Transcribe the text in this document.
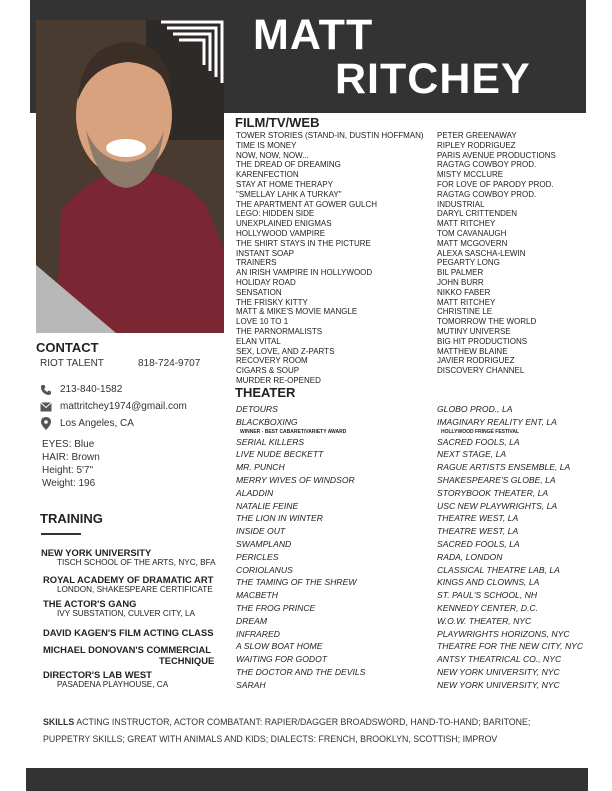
MATT
RITCHEY
FILM/TV/WEB
TOWER STORIES (STAND-IN, DUSTIN HOFFMAN)
TIME IS MONEY
NOW, NOW, NOW...
THE DREAD OF DREAMING
KARENFECTION
STAY AT HOME THERAPY
"SMELLAY LAHK A TURKAY"
THE APARTMENT AT GOWER GULCH
LEGO: HIDDEN SIDE
UNEXPLAINED ENIGMAS
HOLLYWOOD VAMPIRE
THE SHIRT STAYS IN THE PICTURE
INSTANT SOAP
TRAINERS
AN IRISH VAMPIRE IN HOLLYWOOD
HOLIDAY ROAD
SENSATION
THE FRISKY KITTY
MATT & MIKE'S MOVIE MANGLE
LOVE 10 TO 1
THE PARNORMALISTS
ELAN VITAL
SEX, LOVE, AND Z-PARTS
RECOVERY ROOM
CIGARS & SOUP
MURDER RE-OPENED
PETER GREENAWAY
RIPLEY RODRIGUEZ
PARIS AVENUE PRODUCTIONS
RAGTAG COWBOY PROD.
MISTY MCCLURE
FOR LOVE OF PARODY PROD.
RAGTAG COWBOY PROD.
INDUSTRIAL
DARYL CRITTENDEN
MATT RITCHEY
TOM CAVANAUGH
MATT MCGOVERN
ALEXA SASCHA-LEWIN
PEGARTY LONG
BIL PALMER
JOHN BURR
NIKKO FABER
MATT RITCHEY
CHRISTINE LE
TOMORROW THE WORLD
MUTINY UNIVERSE
BIG HIT PRODUCTIONS
MATTHEW BLAINE
JAVIER RODRIGUEZ
DISCOVERY CHANNEL
THEATER
DETOURS
BLACKBOXING
WINNER - BEST CABARET/VARIETY AWARD
SERIAL KILLERS
LIVE NUDE BECKETT
MR. PUNCH
MERRY WIVES OF WINDSOR
ALADDIN
NATALIE FEINE
THE LION IN WINTER
INSIDE OUT
SWAMPLAND
PERICLES
CORIOLANUS
THE TAMING OF THE SHREW
MACBETH
THE FROG PRINCE
DREAM
INFRARED
A SLOW BOAT HOME
WAITING FOR GODOT
THE DOCTOR AND THE DEVILS
SARAH
GLOBO PROD., LA
IMAGINARY REALITY ENT, LA
HOLLYWOOD FRINGE FESTIVAL
SACRED FOOLS, LA
NEXT STAGE, LA
RAGUE ARTISTS ENSEMBLE, LA
SHAKESPEARE'S GLOBE, LA
STORYBOOK THEATER, LA
USC NEW PLAYWRIGHTS, LA
THEATRE WEST, LA
THEATRE WEST, LA
SACRED FOOLS, LA
RADA, LONDON
CLASSICAL THEATRE LAB, LA
KINGS AND CLOWNS, LA
ST. PAUL'S SCHOOL, NH
KENNEDY CENTER, D.C.
W.O.W. THEATER, NYC
PLAYWRIGHTS HORIZONS, NYC
THEATRE FOR THE NEW CITY, NYC
ANTSY THEATRICAL CO., NYC
NEW YORK UNIVERSITY, NYC
NEW YORK UNIVERSITY, NYC
CONTACT
RIOT TALENT	818-724-9707
213-840-1582
mattritchey1974@gmail.com
Los Angeles, CA
EYES: Blue
HAIR: Brown
Height: 5'7"
Weight: 196
TRAINING
NEW YORK UNIVERSITY
TISCH SCHOOL OF THE ARTS, NYC, BFA
ROYAL ACADEMY OF DRAMATIC ART
LONDON, SHAKESPEARE CERTIFICATE
THE ACTOR'S GANG
IVY SUBSTATION, CULVER CITY, LA
DAVID KAGEN'S FILM ACTING CLASS
MICHAEL DONOVAN'S COMMERCIAL
TECHNIQUE
DIRECTOR'S LAB WEST
PASADENA PLAYHOUSE, CA
SKILLS ACTING INSTRUCTOR, ACTOR COMBATANT: RAPIER/DAGGER BROADSWORD, HAND-TO-HAND; BARITONE; PUPPETRY SKILLS; GREAT WITH ANIMALS AND KIDS; DIALECTS: FRENCH, BROOKLYN, SCOTTISH; IMPROV
